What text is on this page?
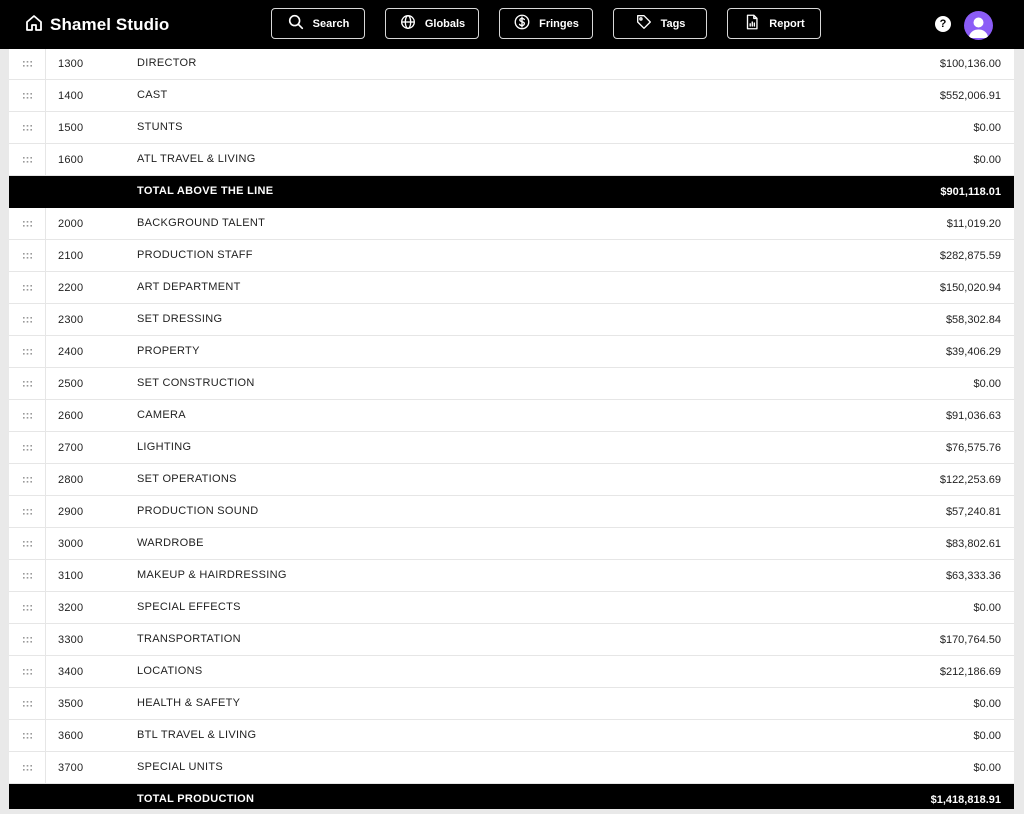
Shamel Studio	Search	Globals	Fringes	Tags	Report	?
1300	DIRECTOR	$100,136.00
1400	CAST	$552,006.91
1500	STUNTS	$0.00
1600	ATL TRAVEL & LIVING	$0.00
TOTAL ABOVE THE LINE	$901,118.01
2000	BACKGROUND TALENT	$11,019.20
2100	PRODUCTION STAFF	$282,875.59
2200	ART DEPARTMENT	$150,020.94
2300	SET DRESSING	$58,302.84
2400	PROPERTY	$39,406.29
2500	SET CONSTRUCTION	$0.00
2600	CAMERA	$91,036.63
2700	LIGHTING	$76,575.76
2800	SET OPERATIONS	$122,253.69
2900	PRODUCTION SOUND	$57,240.81
3000	WARDROBE	$83,802.61
3100	MAKEUP & HAIRDRESSING	$63,333.36
3200	SPECIAL EFFECTS	$0.00
3300	TRANSPORTATION	$170,764.50
3400	LOCATIONS	$212,186.69
3500	HEALTH & SAFETY	$0.00
3600	BTL TRAVEL & LIVING	$0.00
3700	SPECIAL UNITS	$0.00
TOTAL PRODUCTION	$1,418,818.91
